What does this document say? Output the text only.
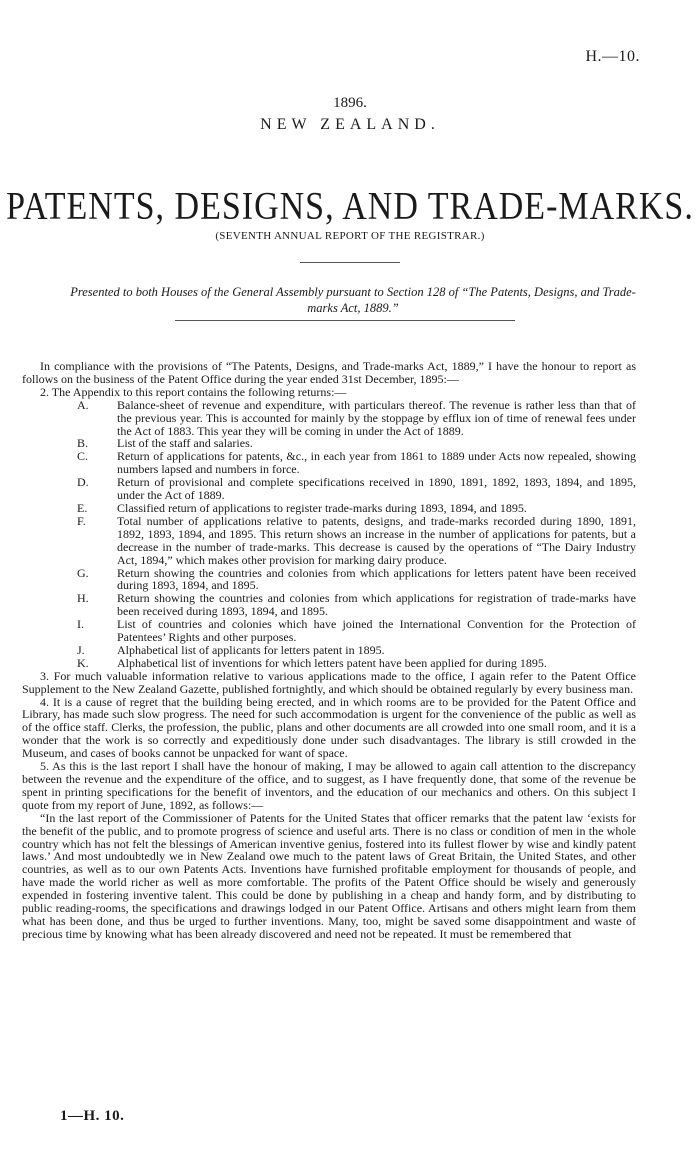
H.—10.
1896.
NEW ZEALAND.
PATENTS, DESIGNS, AND TRADE-MARKS.
(SEVENTH ANNUAL REPORT OF THE REGISTRAR.)
Presented to both Houses of the General Assembly pursuant to Section 128 of “The Patents, Designs, and Trade-marks Act, 1889.”

In compliance with the provisions of “The Patents, Designs, and Trade-marks Act, 1889,” I have the honour to report as follows on the business of the Patent Office during the year ended 31st December, 1895:—

2. The Appendix to this report contains the following returns:—

A. Balance-sheet of revenue and expenditure, with particulars thereof. The revenue is rather less than that of the previous year. This is accounted for mainly by the stoppage by efflux ion of time of renewal fees under the Act of 1883. This year they will be coming in under the Act of 1889.

B. List of the staff and salaries.

C. Return of applications for patents, &c., in each year from 1861 to 1889 under Acts now repealed, showing numbers lapsed and numbers in force.

D. Return of provisional and complete specifications received in 1890, 1891, 1892, 1893, 1894, and 1895, under the Act of 1889.

E. Classified return of applications to register trade-marks during 1893, 1894, and 1895.

F.	Total number of applications relative to patents, designs, and trade-marks recorded during 1890, 1891, 1892, 1893, 1894, and 1895. This return shows an increase in the number of applications for patents, but a decrease in the number of trade-marks. This decrease is caused by the operations of “The Dairy Industry Act, 1894,” which makes other provision for marking dairy produce.

G. Return showing the countries and colonies from which applications for letters patent have been received during 1893, 1894, and 1895.

H. Return showing the countries and colonies from which applications for registration of trade-marks have been received during 1893, 1894, and 1895.

I.	List of countries and colonies which have joined the International Convention for the Protection of Patentees’ Rights and other purposes.

J.	Alphabetical list of applicants for letters patent in 1895.

K. Alphabetical list of inventions for which letters patent have been applied for during 1895.

3. For much valuable information relative to various applications made to the office, I again refer to the Patent Office Supplement to the New Zealand Gazette, published fortnightly, and which should be obtained regularly by every business man.

4. It is a cause of regret that the building being erected, and in which rooms are to be provided for the Patent Office and Library, has made such slow progress. The need for such accommodation is urgent for the convenience of the public as well as of the office staff. Clerks, the profession, the public, plans and other documents are all crowded into one small room, and it is a wonder that the work is so correctly and expeditiously done under such disadvantages. The library is still crowded in the Museum, and cases of books cannot be unpacked for want of space.

5. As this is the last report I shall have the honour of making, I may be allowed to again call attention to the discrepancy between the revenue and the expenditure of the office, and to suggest, as I have frequently done, that some of the revenue be spent in printing specifications for the benefit of inventors, and the education of our mechanics and others. On this subject I quote from my report of June, 1892, as follows:—

“In the last report of the Commissioner of Patents for the United States that officer remarks that the patent law ‘exists for the benefit of the public, and to promote progress of science and useful arts. There is no class or condition of men in the whole country which has not felt the blessings of American inventive genius, fostered into its fullest flower by wise and kindly patent laws.’ And most undoubtedly we in New Zealand owe much to the patent laws of Great Britain, the United States, and other countries, as well as to our own Patents Acts. Inventions have furnished profitable employment for thousands of people, and have made the world richer as well as more comfortable. The profits of the Patent Office should be wisely and generously expended in fostering inventive talent. This could be done by publishing in a cheap and handy form, and by distributing to public reading-rooms, the specifications and drawings lodged in our Patent Office. Artisans and others might learn from them what has been done, and thus be urged to further inventions. Many, too, might be saved some disappointment and waste of precious time by knowing what has been already discovered and need not be repeated. It must be remembered that

1—H. 10.
